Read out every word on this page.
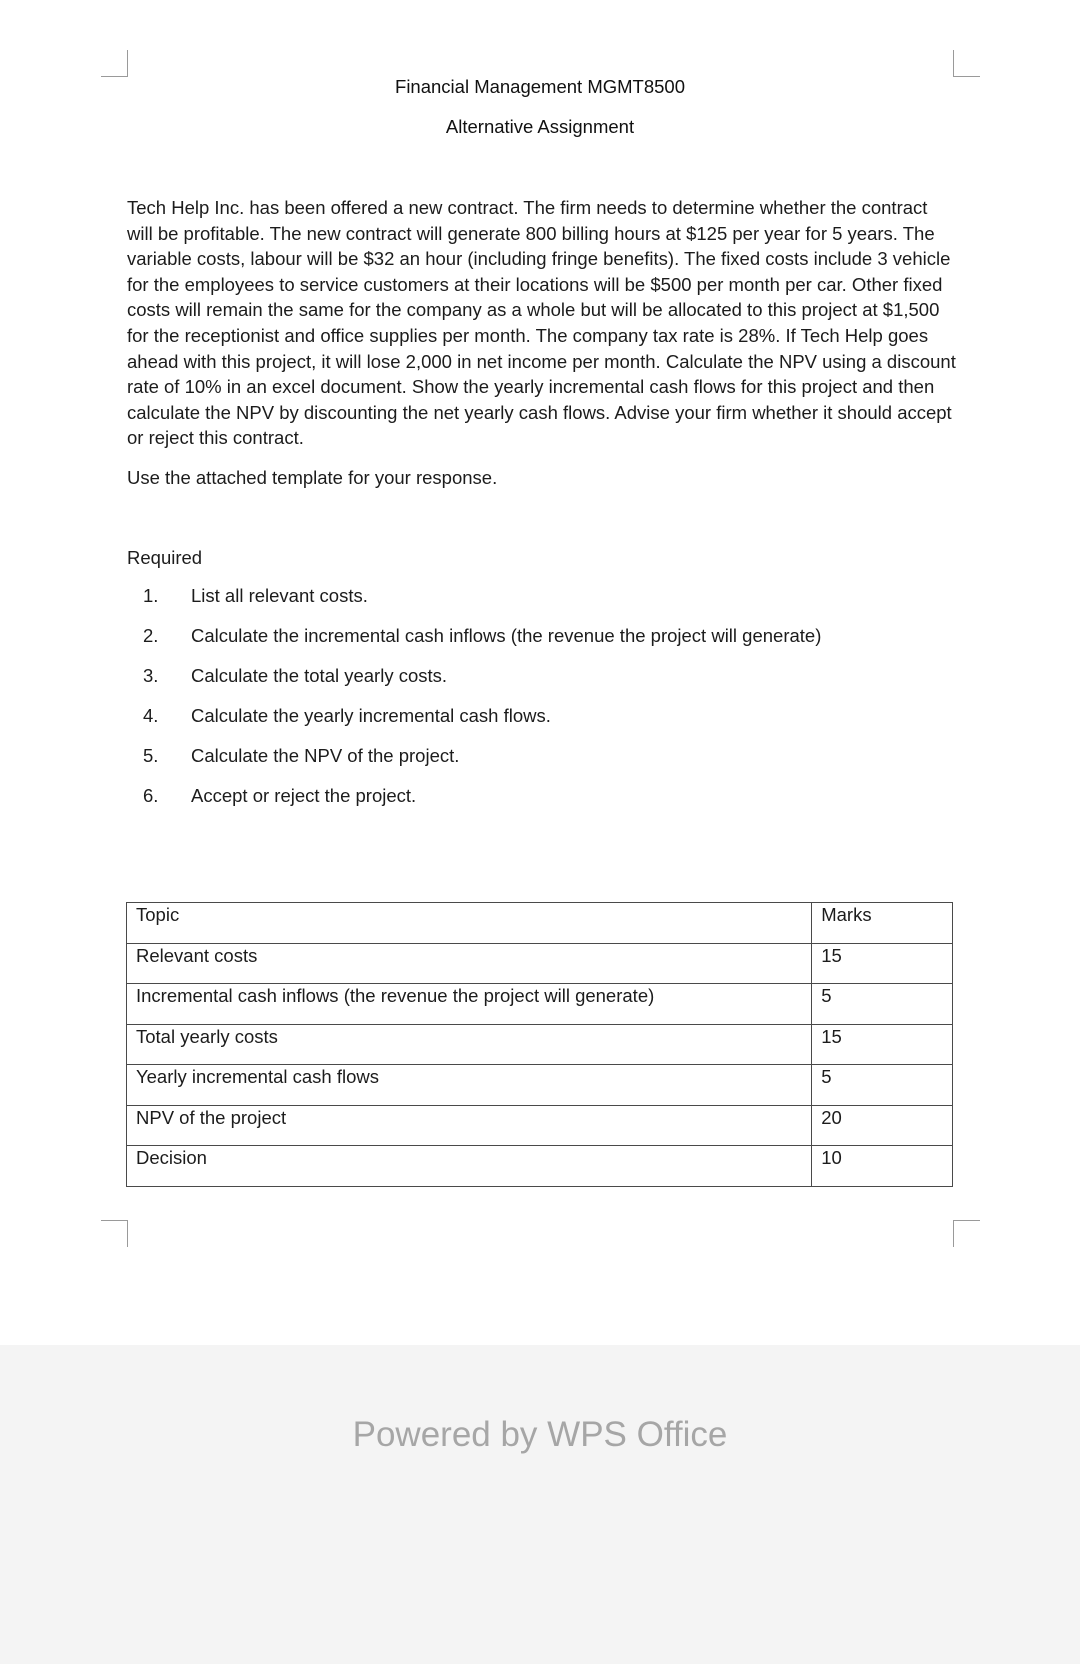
Financial Management MGMT8500
Alternative Assignment
Tech Help Inc. has been offered a new contract. The firm needs to determine whether the contract will be profitable. The new contract will generate 800 billing hours at $125 per year for 5 years. The variable costs, labour will be $32 an hour (including fringe benefits). The fixed costs include 3 vehicle for the employees to service customers at their locations will be $500 per month per car. Other fixed costs will remain the same for the company as a whole but will be allocated to this project at $1,500 for the receptionist and office supplies per month. The company tax rate is 28%. If Tech Help goes ahead with this project, it will lose 2,000 in net income per month. Calculate the NPV using a discount rate of 10% in an excel document. Show the yearly incremental cash flows for this project and then calculate the NPV by discounting the net yearly cash flows. Advise your firm whether it should accept or reject this contract.
Use the attached template for your response.
Required
1. List all relevant costs.
2. Calculate the incremental cash inflows (the revenue the project will generate)
3. Calculate the total yearly costs.
4. Calculate the yearly incremental cash flows.
5. Calculate the NPV of the project.
6. Accept or reject the project.
Topic	Marks
Relevant costs	15
Incremental cash inflows (the revenue the project will generate)	5
Total yearly costs	15
Yearly incremental cash flows	5
NPV of the project	20
Decision	10
Powered by WPS Office
